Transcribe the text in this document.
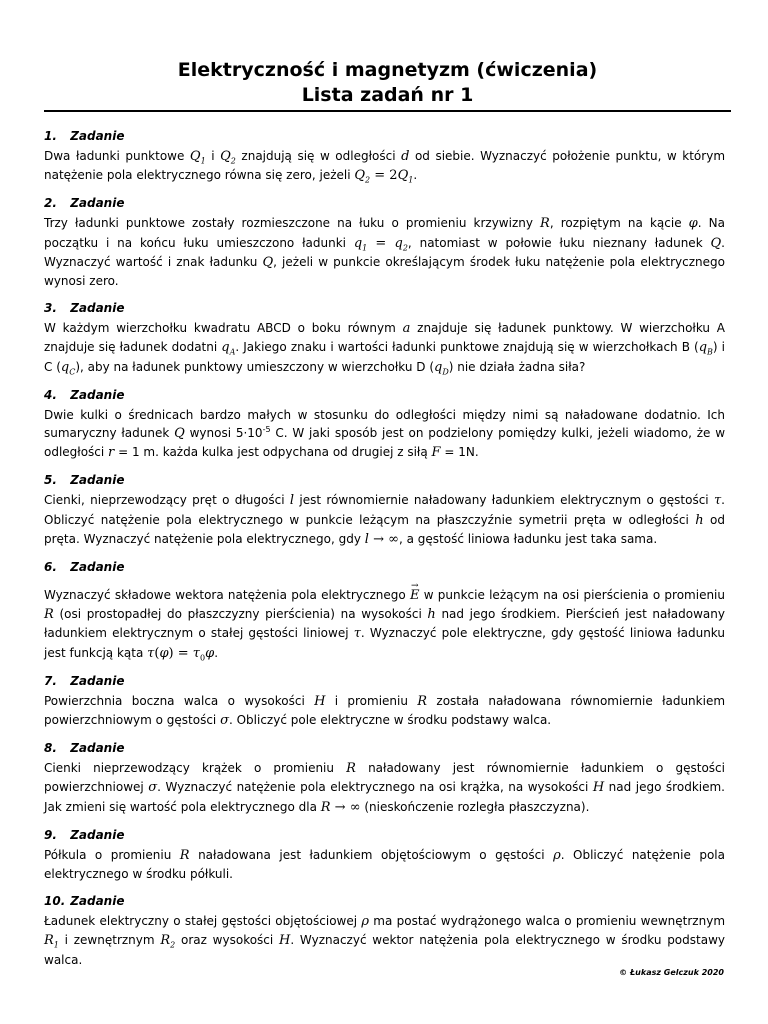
Elektryczność i magnetyzm (ćwiczenia)
Lista zadań nr 1
1. Zadanie
Dwa ładunki punktowe $Q_1$ i $Q_2$ znajdują się w odległości d od siebie. Wyznaczyć położenie punktu, w którym natężenie pola elektrycznego równa się zero, jeżeli $Q_2 = 2Q_1$.
2. Zadanie
Trzy ładunki punktowe zostały rozmieszczone na łuku o promieniu krzywizny R, rozpiętym na kącie φ. Na początku i na końcu łuku umieszczono ładunki $q_1 = q_2$, natomiast w połowie łuku nieznany ładunek Q. Wyznaczyć wartość i znak ładunku Q, jeżeli w punkcie określającym środek łuku natężenie pola elektrycznego wynosi zero.
3. Zadanie
W każdym wierzchołku kwadratu ABCD o boku równym a znajduje się ładunek punktowy. W wierzchołku A znajduje się ładunek dodatni $q_A$. Jakiego znaku i wartości ładunki punktowe znajdują się w wierzchołkach B $(q_B)$ i C $(q_C)$, aby na ładunek punktowy umieszczony w wierzchołku D $(q_D)$ nie działa żadna siła?
4. Zadanie
Dwie kulki o średnicach bardzo małych w stosunku do odległości między nimi są naładowane dodatnio. Ich sumaryczny ładunek Q wynosi $5\cdot 10^{-5}$ C. W jaki sposób jest on podzielony pomiędzy kulki, jeżeli wiadomo, że w odległości r = 1 m. każda kulka jest odpychana od drugiej z siłą F = 1N.
5. Zadanie
Cienki, nieprzewodzący pręt o długości l jest równomiernie naładowany ładunkiem elektrycznym o gęstości τ. Obliczyć natężenie pola elektrycznego w punkcie leżącym na płaszczyźnie symetrii pręta w odległości h od pręta. Wyznaczyć natężenie pola elektrycznego, gdy l → ∞, a gęstość liniowa ładunku jest taka sama.
6. Zadanie
Wyznaczyć składowe wektora natężenia pola elektrycznego → E w punkcie leżącym na osi pierścienia o promieniu R (osi prostopadłej do płaszczyzny pierścienia) na wysokości h nad jego środkiem. Pierścień jest naładowany ładunkiem elektrycznym o stałej gęstości liniowej τ. Wyznaczyć pole elektryczne, gdy gęstość liniowa ładunku jest funkcją kąta $\tau(\varphi) = \tau_0\varphi$.
7. Zadanie
Powierzchnia boczna walca o wysokości H i promieniu R została naładowana równomiernie ładunkiem powierzchniowym o gęstości σ. Obliczyć pole elektryczne w środku podstawy walca.
8. Zadanie
Cienki nieprzewodzący krążek o promieniu R naładowany jest równomiernie ładunkiem o gęstości powierzchniowej σ. Wyznaczyć natężenie pola elektrycznego na osi krążka, na wysokości H nad jego środkiem. Jak zmieni się wartość pola elektrycznego dla R → ∞ (nieskończenie rozległa płaszczyzna).
9. Zadanie
Półkula o promieniu R naładowana jest ładunkiem objętościowym o gęstości ρ. Obliczyć natężenie pola elektrycznego w środku półkuli.
10. Zadanie
Ładunek elektryczny o stałej gęstości objętościowej ρ ma postać wydrążonego walca o promieniu wewnętrznym $R_1$ i zewnętrznym $R_2$ oraz wysokości H. Wyznaczyć wektor natężenia pola elektrycznego w środku podstawy walca.
© Łukasz Gelczuk 2020
